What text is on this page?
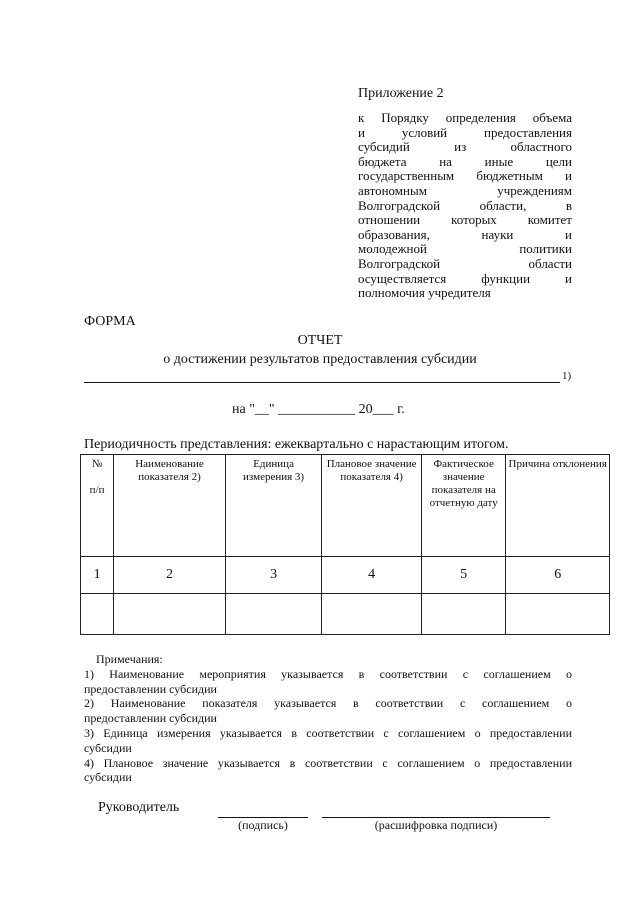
Приложение 2
к Порядку определения объема
и условий предоставления
субсидий из областного
бюджета на иные цели
государственным бюджетным и
автономным учреждениям
Волгоградской области, в
отношении которых комитет
образования, науки и
молодежной политики
Волгоградской области
осуществляется функции и
полномочия учредителя
ФОРМА
ОТЧЕТ
о достижении результатов предоставления субсидии
1)
на "__" ___________ 20___ г.
Периодичность представления: ежеквартально с нарастающим итогом.
№

п/п	Наименование показателя 2)	Единица измерения 3)	Плановое значение показателя 4)	Фактическое значение показателя на отчетную дату	Причина отклонения
1	2	3	4	5	6

Примечания:
1) Наименование мероприятия указывается в соответствии с соглашением о
предоставлении субсидии
2) Наименование показателя указывается в соответствии с соглашением о
предоставлении субсидии
3) Единица измерения указывается в соответствии с соглашением о предоставлении
субсидии
4) Плановое значение указывается в соответствии с соглашением о предоставлении
субсидии
Руководитель
(подпись)	(расшифровка подписи)
